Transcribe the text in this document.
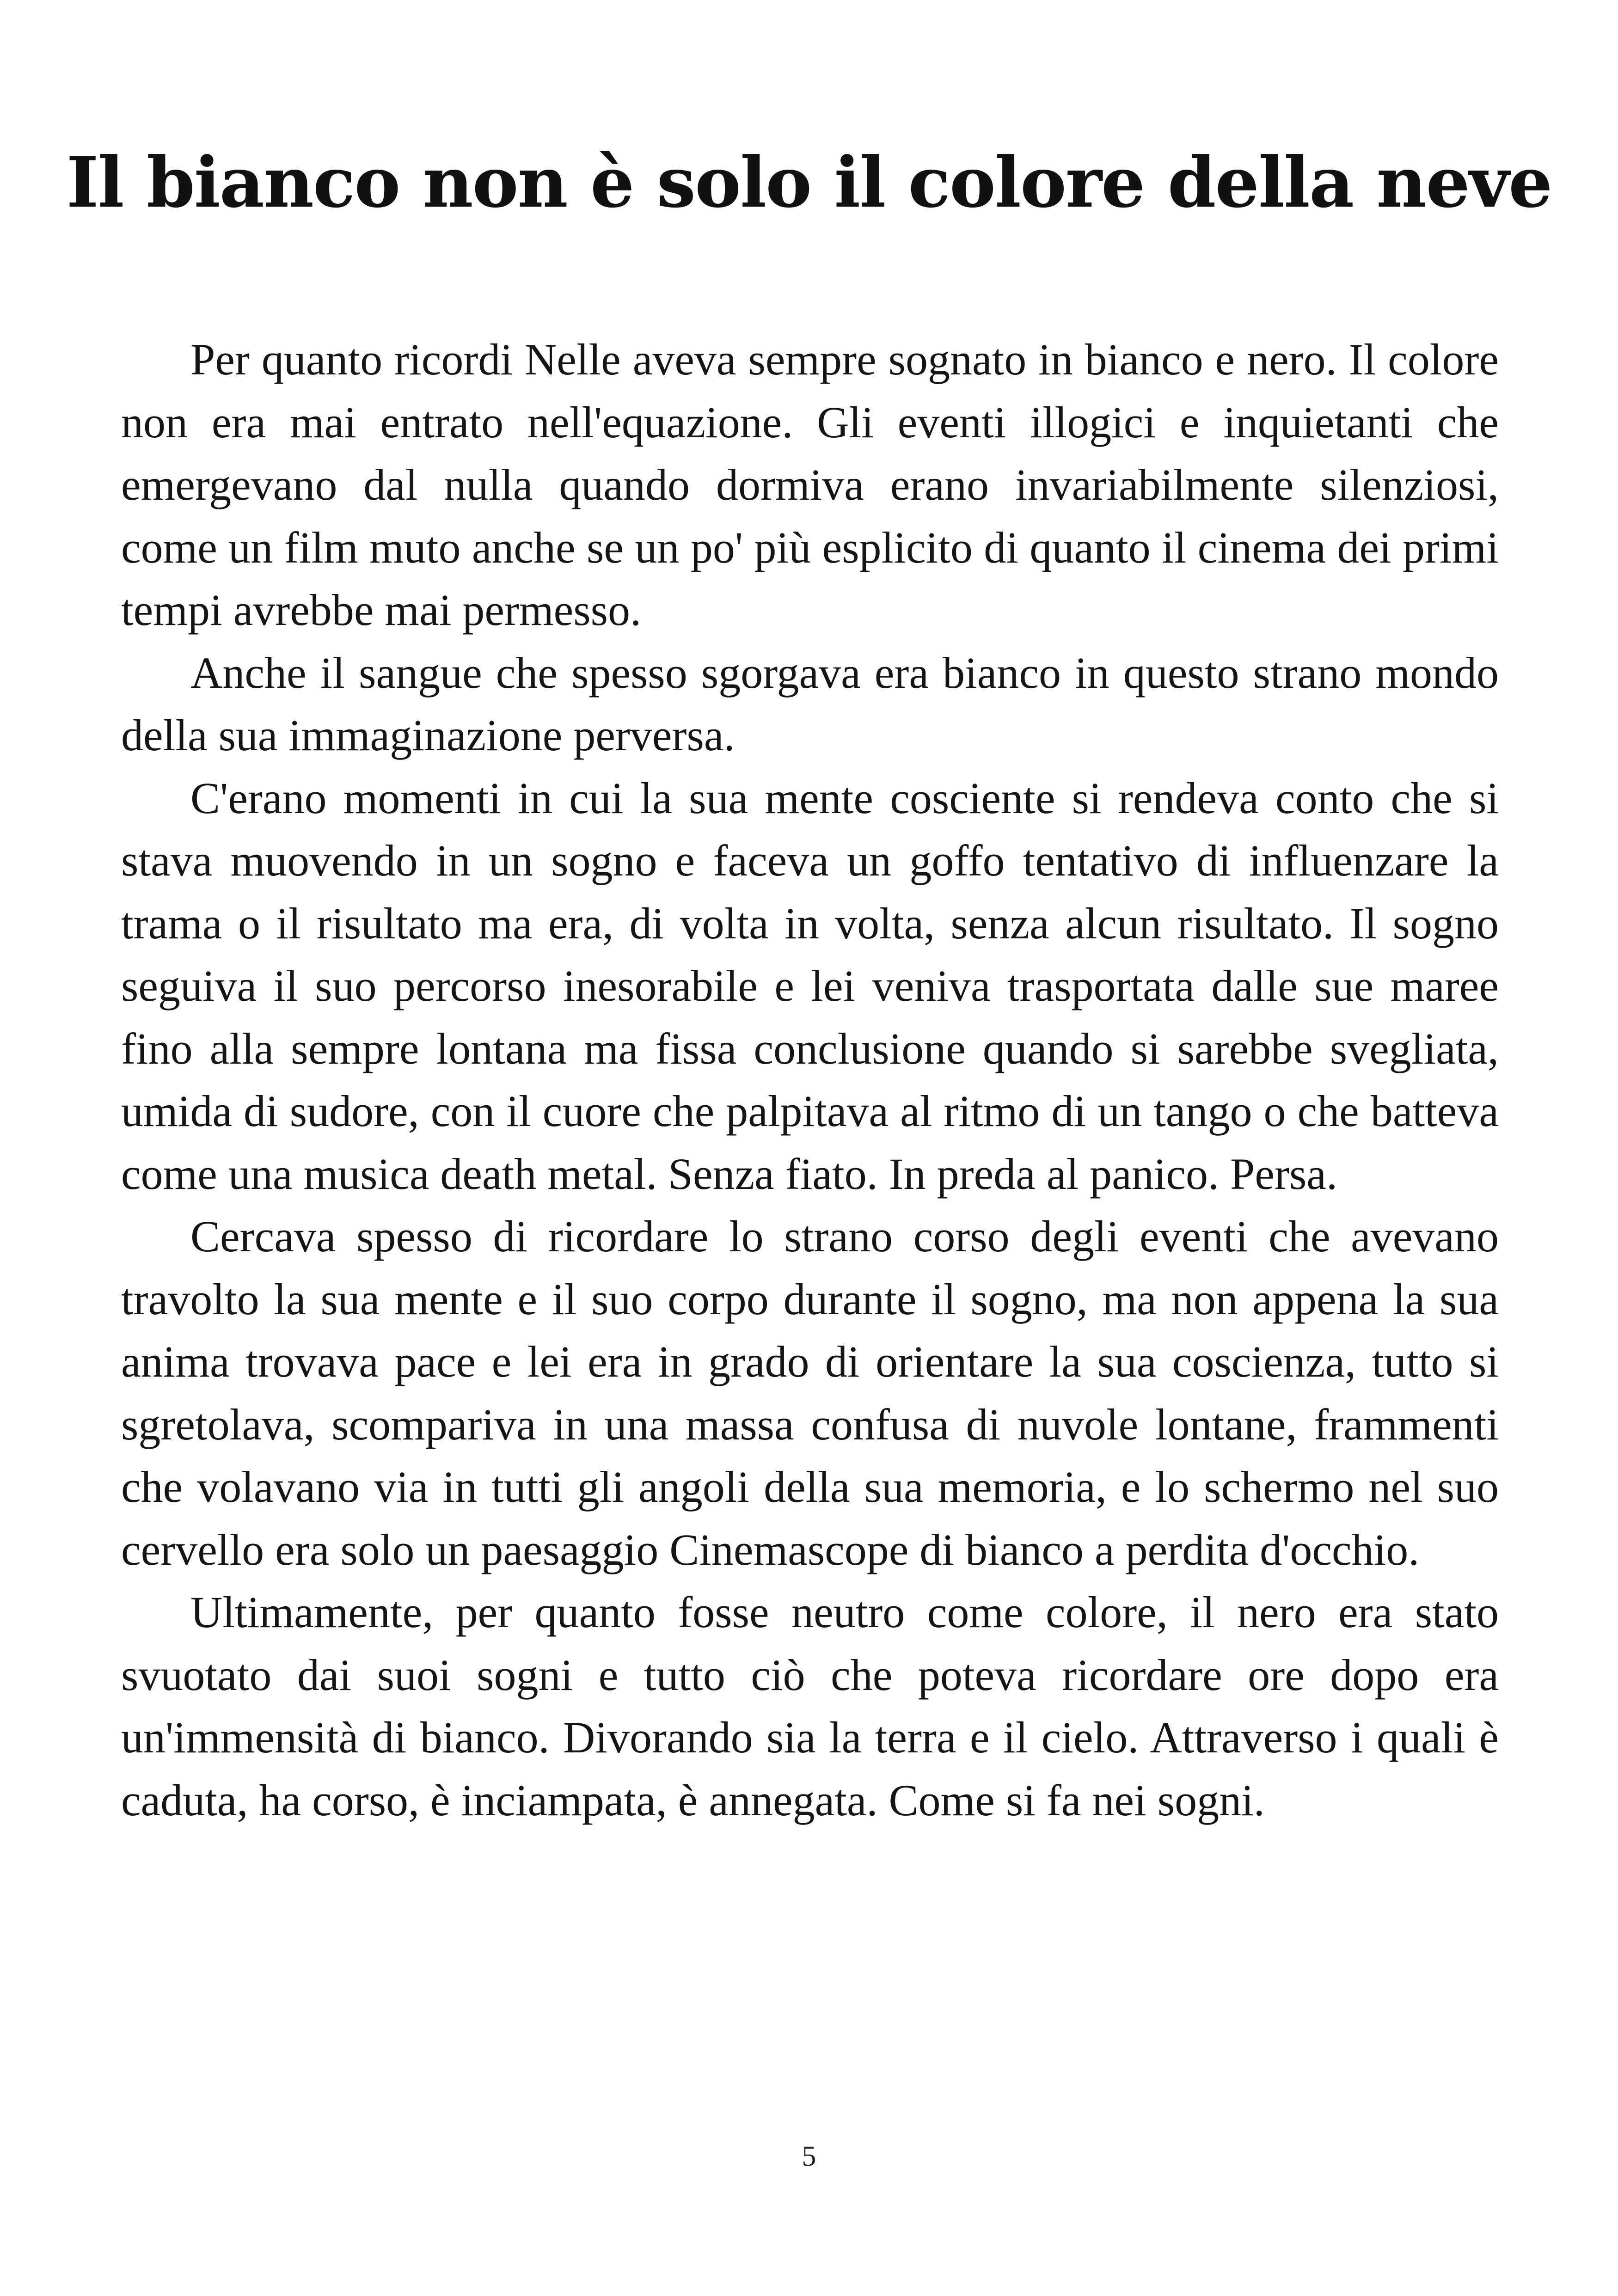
Il bianco non è solo il colore della neve

Per quanto ricordi Nelle aveva sempre sognato in bianco e nero. Il colore non era mai entrato nell'equazione. Gli eventi illogici e inquietanti che emergevano dal nulla quando dormiva erano invariabilmente silenziosi, come un film muto anche se un po' più esplicito di quanto il cinema dei primi tempi avrebbe mai permesso.

Anche il sangue che spesso sgorgava era bianco in questo strano mondo della sua immaginazione perversa.

C'erano momenti in cui la sua mente cosciente si rendeva conto che si stava muovendo in un sogno e faceva un goffo tentativo di influenzare la trama o il risultato ma era, di volta in volta, senza alcun risultato. Il sogno seguiva il suo percorso inesorabile e lei veniva trasportata dalle sue maree fino alla sempre lontana ma fissa conclusione quando si sarebbe svegliata, umida di sudore, con il cuore che palpitava al ritmo di un tango o che batteva come una musica death metal. Senza fiato. In preda al panico. Persa.

Cercava spesso di ricordare lo strano corso degli eventi che avevano travolto la sua mente e il suo corpo durante il sogno, ma non appena la sua anima trovava pace e lei era in grado di orientare la sua coscienza, tutto si sgretolava, scompariva in una massa confusa di nuvole lontane, frammenti che volavano via in tutti gli angoli della sua memoria, e lo schermo nel suo cervello era solo un paesaggio Cinemascope di bianco a perdita d'occhio.

Ultimamente, per quanto fosse neutro come colore, il nero era stato svuotato dai suoi sogni e tutto ciò che poteva ricordare ore dopo era un'immensità di bianco. Divorando sia la terra e il cielo. Attraverso i quali è caduta, ha corso, è inciampata, è annegata. Come si fa nei sogni.

5
